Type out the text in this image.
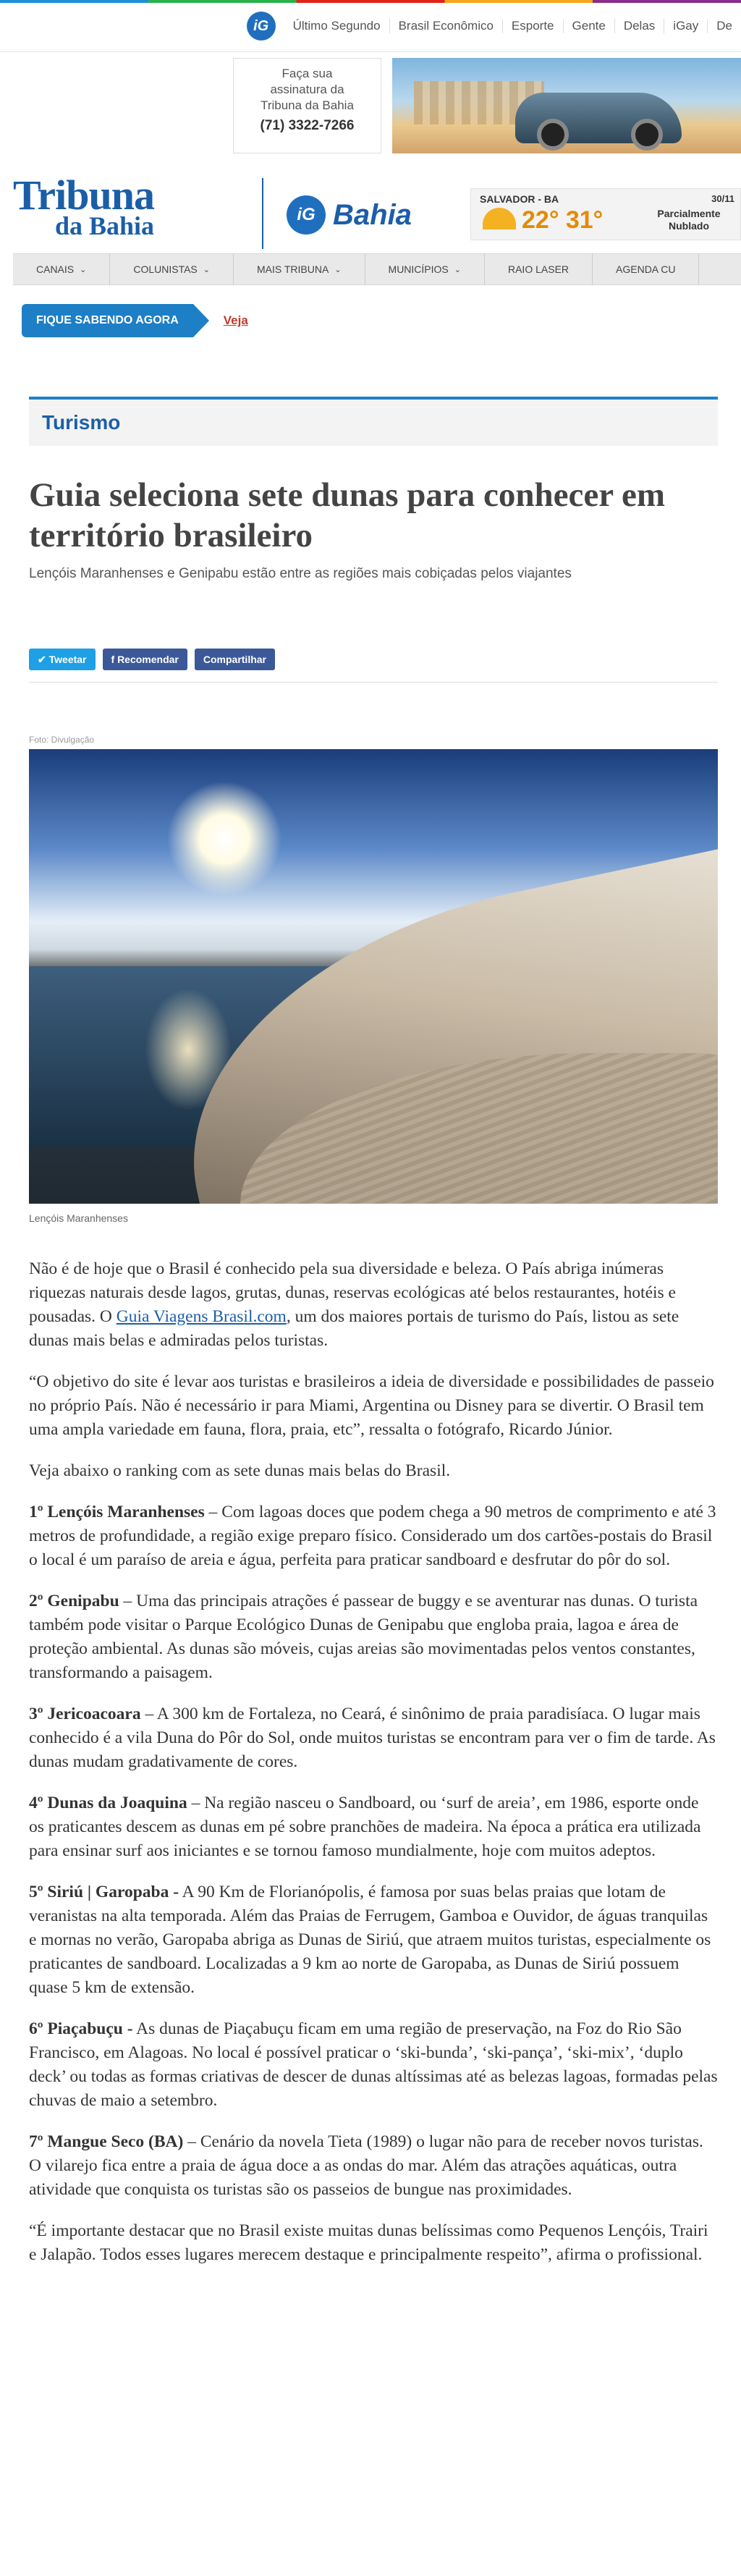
iG	Último Segundo	Brasil Econômico	Esporte	Gente	Delas	iGay	De
Faça sua
assinatura da
Tribuna da Bahia
(71) 3322-7266
Tribuna
da Bahia	iG Bahia	SALVADOR - BA	30/11
22° 31°	Parcialmente Nublado
CANAIS ⌄	COLUNISTAS ⌄	MAIS TRIBUNA ⌄	MUNICÍPIOS ⌄	RAIO LASER	AGENDA CU
FIQUE SABENDO AGORA	Veja
Turismo
Guia seleciona sete dunas para conhecer em território brasileiro
Lençóis Maranhenses e Genipabu estão entre as regiões mais cobiçadas pelos viajantes
✔ Tweetar	f Recomendar	Compartilhar
Foto: Divulgação
Lençóis Maranhenses

Não é de hoje que o Brasil é conhecido pela sua diversidade e beleza. O País abriga inúmeras riquezas naturais desde lagos, grutas, dunas, reservas ecológicas até belos restaurantes, hotéis e pousadas. O Guia Viagens Brasil.com, um dos maiores portais de turismo do País, listou as sete dunas mais belas e admiradas pelos turistas.

“O objetivo do site é levar aos turistas e brasileiros a ideia de diversidade e possibilidades de passeio no próprio País. Não é necessário ir para Miami, Argentina ou Disney para se divertir. O Brasil tem uma ampla variedade em fauna, flora, praia, etc”, ressalta o fotógrafo, Ricardo Júnior.

Veja abaixo o ranking com as sete dunas mais belas do Brasil.

1º Lençóis Maranhenses – Com lagoas doces que podem chega a 90 metros de comprimento e até 3 metros de profundidade, a região exige preparo físico. Considerado um dos cartões-postais do Brasil o local é um paraíso de areia e água, perfeita para praticar sandboard e desfrutar do pôr do sol.

2º Genipabu – Uma das principais atrações é passear de buggy e se aventurar nas dunas. O turista também pode visitar o Parque Ecológico Dunas de Genipabu que engloba praia, lagoa e área de proteção ambiental. As dunas são móveis, cujas areias são movimentadas pelos ventos constantes, transformando a paisagem.

3º Jericoacoara – A 300 km de Fortaleza, no Ceará, é sinônimo de praia paradisíaca. O lugar mais conhecido é a vila Duna do Pôr do Sol, onde muitos turistas se encontram para ver o fim de tarde. As dunas mudam gradativamente de cores.

4º Dunas da Joaquina – Na região nasceu o Sandboard, ou ‘surf de areia’, em 1986, esporte onde os praticantes descem as dunas em pé sobre pranchões de madeira. Na época a prática era utilizada para ensinar surf aos iniciantes e se tornou famoso mundialmente, hoje com muitos adeptos.

5º Siriú | Garopaba - A 90 Km de Florianópolis, é famosa por suas belas praias que lotam de veranistas na alta temporada. Além das Praias de Ferrugem, Gamboa e Ouvidor, de águas tranquilas e mornas no verão, Garopaba abriga as Dunas de Siriú, que atraem muitos turistas, especialmente os praticantes de sandboard. Localizadas a 9 km ao norte de Garopaba, as Dunas de Siriú possuem quase 5 km de extensão.

6º Piaçabuçu - As dunas de Piaçabuçu ficam em uma região de preservação, na Foz do Rio São Francisco, em Alagoas. No local é possível praticar o ‘ski-bunda’, ‘ski-pança’, ‘ski-mix’, ‘duplo deck’ ou todas as formas criativas de descer de dunas altíssimas até as belezas lagoas, formadas pelas chuvas de maio a setembro.

7º Mangue Seco (BA) – Cenário da novela Tieta (1989) o lugar não para de receber novos turistas. O vilarejo fica entre a praia de água doce a as ondas do mar. Além das atrações aquáticas, outra atividade que conquista os turistas são os passeios de bungue nas proximidades.

“É importante destacar que no Brasil existe muitas dunas belíssimas como Pequenos Lençóis, Trairi e Jalapão. Todos esses lugares merecem destaque e principalmente respeito”, afirma o profissional.
